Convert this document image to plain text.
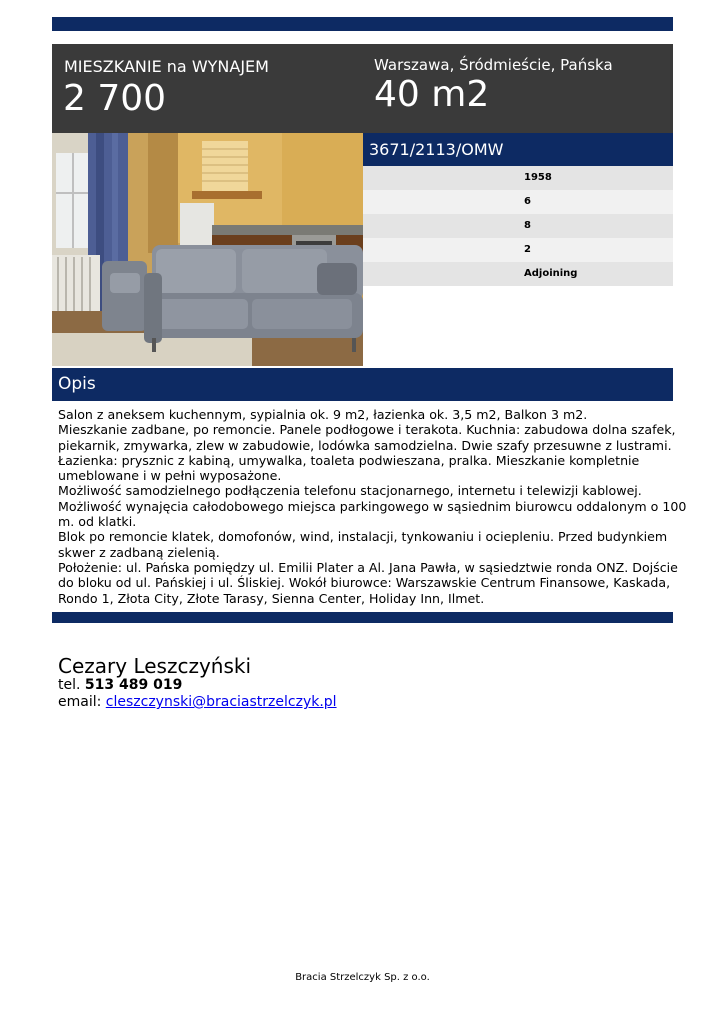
MIESZKANIE na WYNAJEM
2 700
Warszawa, Śródmieście, Pańska
40 m2
3671/2113/OMW
1958
6
8
2
Adjoining
Opis
Salon z aneksem kuchennym, sypialnia ok. 9 m2, łazienka ok. 3,5 m2, Balkon 3 m2.
Mieszkanie zadbane, po remoncie. Panele podłogowe i terakota. Kuchnia: zabudowa dolna szafek,
piekarnik, zmywarka, zlew w zabudowie, lodówka samodzielna. Dwie szafy przesuwne z lustrami.
Łazienka: prysznic z kabiną, umywalka, toaleta podwieszana, pralka. Mieszkanie kompletnie
umeblowane i w pełni wyposażone.
Możliwość samodzielnego podłączenia telefonu stacjonarnego, internetu i telewizji kablowej.
Możliwość wynajęcia całodobowego miejsca parkingowego w sąsiednim biurowcu oddalonym o 100
m. od klatki.
Blok po remoncie klatek, domofonów, wind, instalacji, tynkowaniu i ociepleniu. Przed budynkiem
skwer z zadbaną zielenią.
Położenie: ul. Pańska pomiędzy ul. Emilii Plater a Al. Jana Pawła, w sąsiedztwie ronda ONZ. Dojście
do bloku od ul. Pańskiej i ul. Śliskiej. Wokół biurowce: Warszawskie Centrum Finansowe, Kaskada,
Rondo 1, Złota City, Złote Tarasy, Sienna Center, Holiday Inn, Ilmet.
Cezary Leszczyński
tel. 513 489 019
email: cleszczynski@braciastrzelczyk.pl
Bracia Strzelczyk Sp. z o.o.
